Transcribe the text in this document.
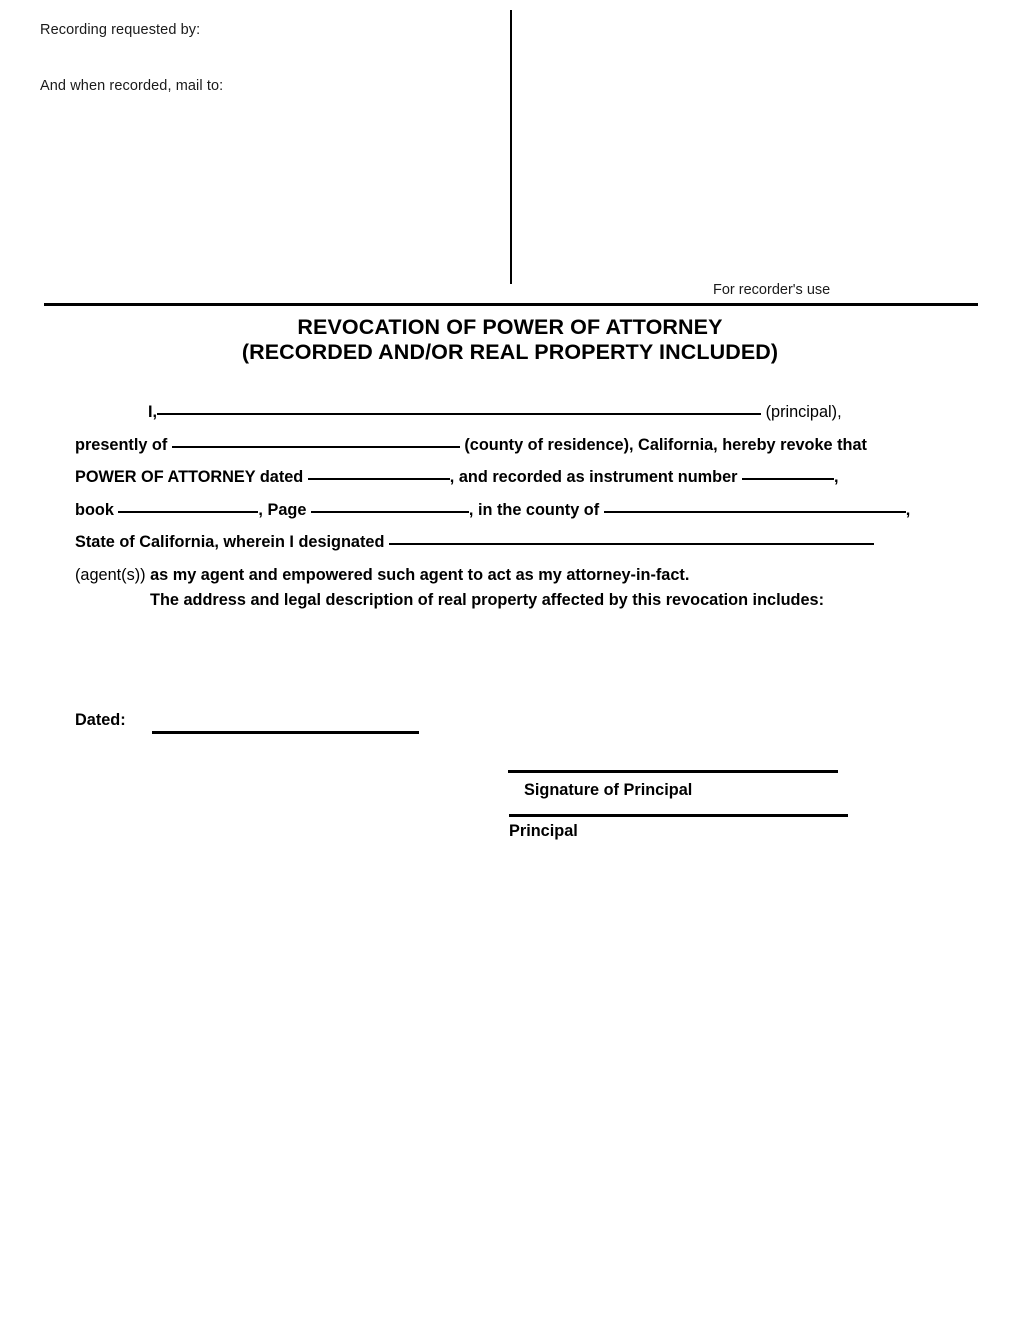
Recording requested by:
And when recorded, mail to:
For recorder's use
REVOCATION OF POWER OF ATTORNEY
(RECORDED AND/OR REAL PROPERTY INCLUDED)
I,	(principal),
presently of	(county of residence), California, hereby revoke that
POWER OF ATTORNEY dated	, and recorded as instrument number	,
book	, Page	, in the county of	,
State of California, wherein I designated
(agent(s)) as my agent and empowered such agent to act as my attorney-in-fact.
The address and legal description of real property affected by this revocation includes:
Dated:
Signature of Principal
Principal
